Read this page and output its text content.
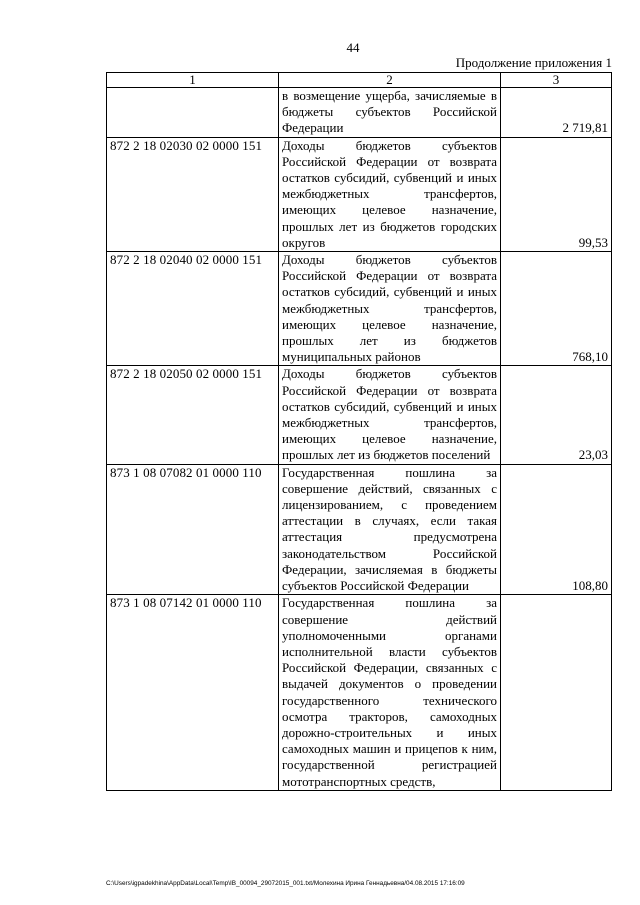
44
Продолжение приложения 1
1	2	3
	в возмещение ущерба, зачисляемые в бюджеты субъектов Российской Федерации	2 719,81
872 2 18 02030 02 0000 151	Доходы бюджетов субъектов Российской Федерации от возврата остатков субсидий, субвенций и иных межбюджетных трансфертов, имеющих целевое назначение, прошлых лет из бюджетов городских округов	99,53
872 2 18 02040 02 0000 151	Доходы бюджетов субъектов Российской Федерации от возврата остатков субсидий, субвенций и иных межбюджетных трансфертов, имеющих целевое назначение, прошлых лет из бюджетов муниципальных районов	768,10
872 2 18 02050 02 0000 151	Доходы бюджетов субъектов Российской Федерации от возврата остатков субсидий, субвенций и иных межбюджетных трансфертов, имеющих целевое назначение, прошлых лет из бюджетов поселений	23,03
873 1 08 07082 01 0000 110	Государственная пошлина за совершение действий, связанных с лицензированием, с проведением аттестации в случаях, если такая аттестация предусмотрена законодательством Российской Федерации, зачисляемая в бюджеты субъектов Российской Федерации	108,80
873 1 08 07142 01 0000 110	Государственная пошлина за совершение действий уполномоченными органами исполнительной власти субъектов Российской Федерации, связанных с выдачей документов о проведении государственного технического осмотра тракторов, самоходных дорожно-строительных и иных самоходных машин и прицепов к ним, государственной регистрацией мототранспортных средств,	
C:\Users\igpadekhina\AppData\Local\Temp\IB_00094_29072015_001.txt/Молехина Ирина Геннадьевна/04.08.2015 17:16:09
